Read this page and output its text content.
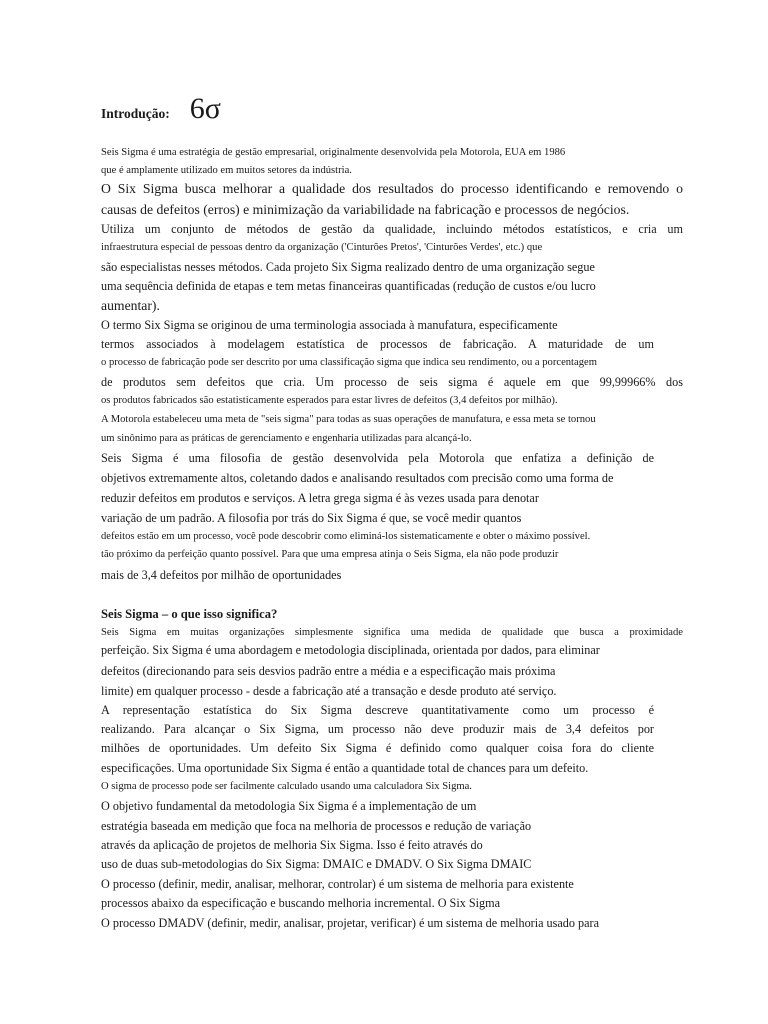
Introdução: 6σ
Seis Sigma é uma estratégia de gestão empresarial, originalmente desenvolvida pela Motorola, EUA em 1986
que é amplamente utilizado em muitos setores da indústria.
O Six Sigma busca melhorar a qualidade dos resultados do processo identificando e removendo o
causas de defeitos (erros) e minimização da variabilidade na fabricação e processos de negócios.
Utiliza um conjunto de métodos de gestão da qualidade, incluindo métodos estatísticos, e cria um
infraestrutura especial de pessoas dentro da organização ('Cinturões Pretos', 'Cinturões Verdes', etc.) que
são especialistas nesses métodos. Cada projeto Six Sigma realizado dentro de uma organização segue
uma sequência definida de etapas e tem metas financeiras quantificadas (redução de custos e/ou lucro
aumentar).
O termo Six Sigma se originou de uma terminologia associada à manufatura, especificamente
termos associados à modelagem estatística de processos de fabricação. A maturidade de um
o processo de fabricação pode ser descrito por uma classificação sigma que indica seu rendimento, ou a porcentagem
de produtos sem defeitos que cria. Um processo de seis sigma é aquele em que 99,99966% dos
os produtos fabricados são estatisticamente esperados para estar livres de defeitos (3,4 defeitos por milhão).
A Motorola estabeleceu uma meta de "seis sigma" para todas as suas operações de manufatura, e essa meta se tornou
um sinônimo para as práticas de gerenciamento e engenharia utilizadas para alcançá-lo.
Seis Sigma é uma filosofia de gestão desenvolvida pela Motorola que enfatiza a definição de
objetivos extremamente altos, coletando dados e analisando resultados com precisão como uma forma de
reduzir defeitos em produtos e serviços. A letra grega sigma é às vezes usada para denotar
variação de um padrão. A filosofia por trás do Six Sigma é que, se você medir quantos
defeitos estão em um processo, você pode descobrir como eliminá-los sistematicamente e obter o máximo possível.
tão próximo da perfeição quanto possível. Para que uma empresa atinja o Seis Sigma, ela não pode produzir
mais de 3,4 defeitos por milhão de oportunidades
Seis Sigma – o que isso significa?
Seis Sigma em muitas organizações simplesmente significa uma medida de qualidade que busca a proximidade
perfeição. Six Sigma é uma abordagem e metodologia disciplinada, orientada por dados, para eliminar
defeitos (direcionando para seis desvios padrão entre a média e a especificação mais próxima
limite) em qualquer processo - desde a fabricação até a transação e desde produto até serviço.
A representação estatística do Six Sigma descreve quantitativamente como um processo é
realizando. Para alcançar o Six Sigma, um processo não deve produzir mais de 3,4 defeitos por
milhões de oportunidades. Um defeito Six Sigma é definido como qualquer coisa fora do cliente
especificações. Uma oportunidade Six Sigma é então a quantidade total de chances para um defeito.
O sigma de processo pode ser facilmente calculado usando uma calculadora Six Sigma.
O objetivo fundamental da metodologia Six Sigma é a implementação de um
estratégia baseada em medição que foca na melhoria de processos e redução de variação
através da aplicação de projetos de melhoria Six Sigma. Isso é feito através do
uso de duas sub-metodologias do Six Sigma: DMAIC e DMADV. O Six Sigma DMAIC
O processo (definir, medir, analisar, melhorar, controlar) é um sistema de melhoria para existente
processos abaixo da especificação e buscando melhoria incremental. O Six Sigma
O processo DMADV (definir, medir, analisar, projetar, verificar) é um sistema de melhoria usado para
